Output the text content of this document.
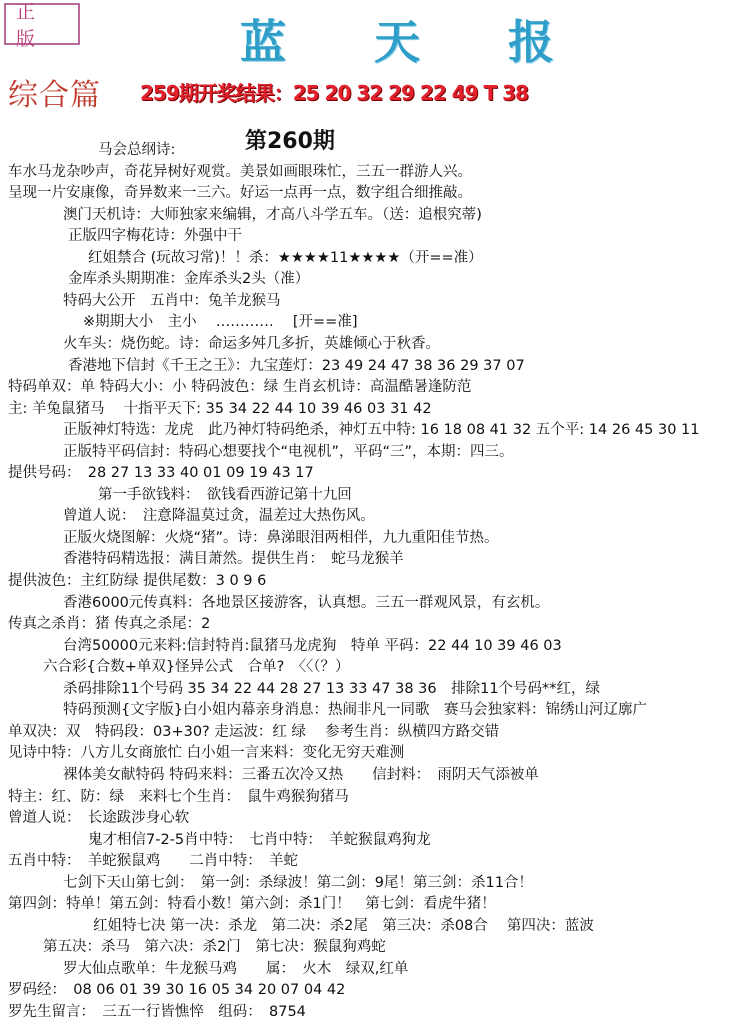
正 版	蓝 天 报
综合篇 259期开奖结果：25 20 32 29 22 49 T 38
第260期
马会总纲诗:
车水马龙杂吵声，奇花异树好观赏。美景如画眼珠忙，三五一群游人兴。
呈现一片安康像，奇异数来一三六。好运一点再一点，数字组合细推敲。
澳门天机诗：大师独家来编辑，才高八斗学五车。（送：追根究蒂)
正版四字梅花诗：外强中干
红姐禁合 (玩故习常)！！杀：★★★★11★★★★（开==准）
金库杀头期期准：金库杀头2头（准）
特码大公开　五肖中：兔羊龙猴马
※期期大小　主小　 ………… 　[开==准]
火车头：烧伤蛇。诗：命运多舛几多折，英雄倾心于秋香。
香港地下信封《千王之王》：九宝莲灯：23 49 24 47 38 36 29 37 07
特码单双：单 特码大小：小 特码波色：绿 生肖玄机诗：高温酷暑逢防范
主: 羊兔鼠猪马　 十指平天下: 35 34 22 44 10 39 46 03 31 42
正版神灯特选：龙虎　此乃神灯特码绝杀，神灯五中特: 16 18 08 41 32 五个平: 14 26 45 30 11
正版特平码信封：特码心想要找个“电视机”，平码“三”，本期：四三。
提供号码：　28 27 13 33 40 01 09 19 43 17
第一手欲钱料：　欲钱看西游记第十九回
曾道人说：　注意降温莫过贪，温差过大热伤风。
正版火烧图解：火烧“猪”。诗：鼻涕眼泪两相伴，九九重阳佳节热。
香港特码精选报：满目萧然。提供生肖：　蛇马龙猴羊
提供波色：主红防绿 提供尾数：3 0 9 6
香港6000元传真料：各地景区接游客，认真想。三五一群观风景，有玄机。
传真之杀肖：猪 传真之杀尾：2
台湾50000元来料:信封特肖:鼠猪马龙虎狗　特单 平码：22 44 10 39 46 03
六合彩{合数+单双}怪异公式　合单?　〈〈（？）
杀码排除11个号码 35 34 22 44 28 27 13 33 47 38 36　排除11个号码**红，绿
特码预测{文字版}白小姐内幕亲身消息：热闹非凡一同歌　赛马会独家料：锦绣山河辽廓广
单双决：双　特码段：03+30? 走运波：红 绿　 参考生肖：纵横四方路交错
见诗中特：八方儿女商旅忙 白小姐一言来料：变化无穷天难测
裸体美女献特码 特码来料：三番五次冷又热　　信封料：　雨阴天气添被单
特主：红、防：绿　来料七个生肖：　鼠牛鸡猴狗猪马
曾道人说：　长途跋涉身心软
鬼才相信7-2-5肖中特：　七肖中特：　羊蛇猴鼠鸡狗龙
五肖中特：　羊蛇猴鼠鸡　　二肖中特：　羊蛇
七剑下天山第七剑：　第一剑：杀绿波！第二剑：9尾！第三剑：杀11合！
第四剑：特单！第五剑：特看小数！第六剑：杀1门！　第七剑：看虎牛猪！
红姐特七决 第一决：杀龙　第二决：杀2尾　第三决：杀08合　 第四决：蓝波
第五决：杀马　第六决：杀2门　第七决：猴鼠狗鸡蛇
罗大仙点歌单：牛龙猴马鸡　　属：　火木　绿双,红单
罗码经：　08 06 01 39 30 16 05 34 20 07 04 42
罗先生留言：　三五一行皆憔悴　组码：　8754
